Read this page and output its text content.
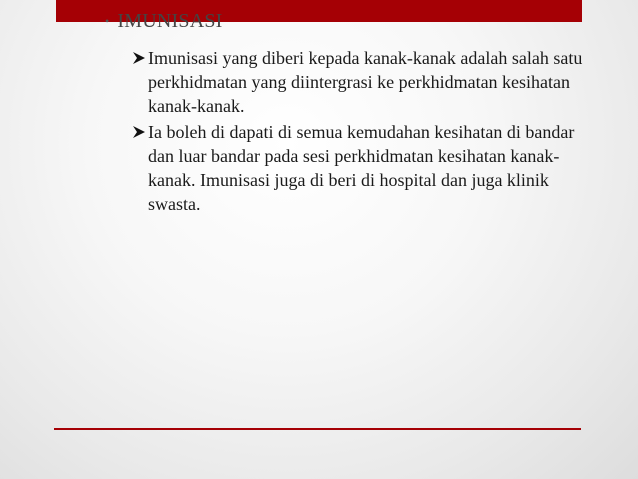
• IMUNISASI
Imunisasi yang diberi kepada kanak-kanak adalah salah satu perkhidmatan yang diintergrasi ke perkhidmatan kesihatan kanak-kanak.
Ia boleh di dapati di semua kemudahan kesihatan di bandar dan luar bandar pada sesi perkhidmatan kesihatan kanak-kanak. Imunisasi juga di beri di hospital dan juga klinik swasta.
